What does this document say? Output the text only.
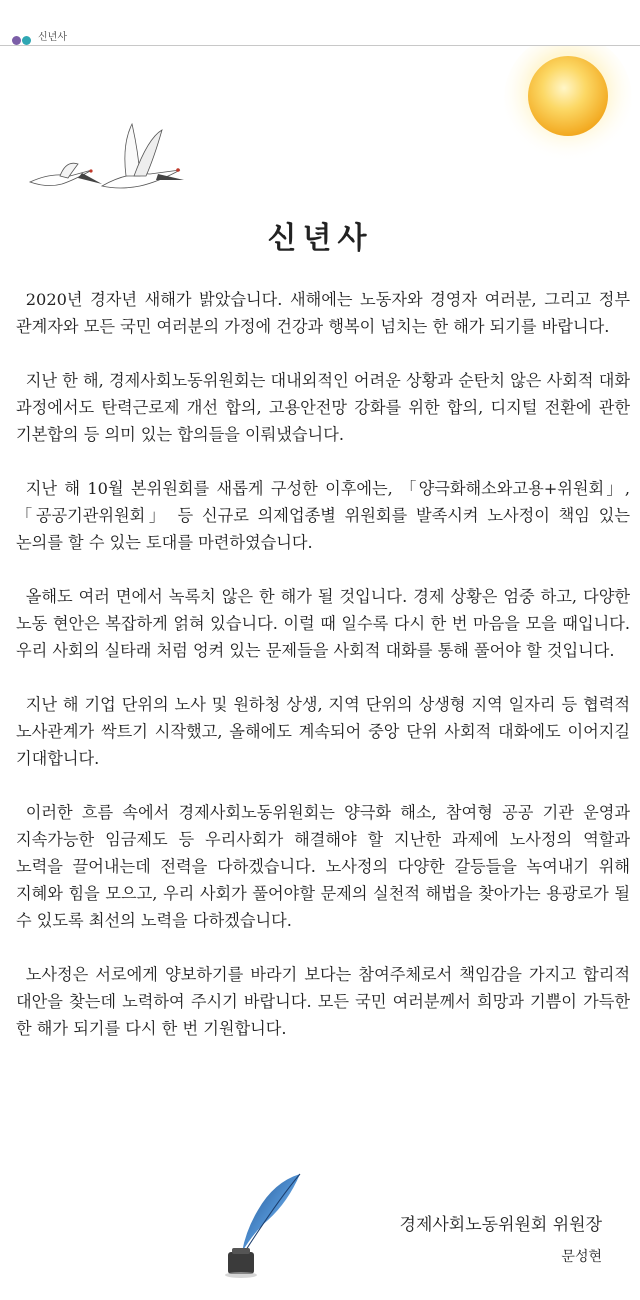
신년사
신년사

2020년 경자년 새해가 밝았습니다. 새해에는 노동자와 경영자 여러분, 그리고 정부 관계자와 모든 국민 여러분의 가정에 건강과 행복이 넘치는 한 해가 되기를 바랍니다.

지난 한 해, 경제사회노동위원회는 대내외적인 어려운 상황과 순탄치 않은 사회적 대화 과정에서도 탄력근로제 개선 합의, 고용안전망 강화를 위한 합의, 디지털 전환에 관한 기본합의 등 의미 있는 합의들을 이뤄냈습니다.

지난 해 10월 본위원회를 새롭게 구성한 이후에는, 「양극화해소와고용+위원회」,「공공기관위원회」 등 신규로 의제업종별 위원회를 발족시켜 노사정이 책임 있는 논의를 할 수 있는 토대를 마련하였습니다.

올해도 여러 면에서 녹록치 않은 한 해가 될 것입니다. 경제 상황은 엄중 하고, 다양한 노동 현안은 복잡하게 얽혀 있습니다. 이럴 때 일수록 다시 한 번 마음을 모을 때입니다. 우리 사회의 실타래 처럼 엉켜 있는 문제들을 사회적 대화를 통해 풀어야 할 것입니다.

지난 해 기업 단위의 노사 및 원하청 상생, 지역 단위의 상생형 지역 일자리 등 협력적 노사관계가 싹트기 시작했고, 올해에도 계속되어 중앙 단위 사회적 대화에도 이어지길 기대합니다.

이러한 흐름 속에서 경제사회노동위원회는 양극화 해소, 참여형 공공 기관 운영과 지속가능한 임금제도 등 우리사회가 해결해야 할 지난한 과제에 노사정의 역할과 노력을 끌어내는데 전력을 다하겠습니다. 노사정의 다양한 갈등들을 녹여내기 위해 지혜와 힘을 모으고, 우리 사회가 풀어야할 문제의 실천적 해법을 찾아가는 용광로가 될 수 있도록 최선의 노력을 다하겠습니다.

노사정은 서로에게 양보하기를 바라기 보다는 참여주체로서 책임감을 가지고 합리적 대안을 찾는데 노력하여 주시기 바랍니다. 모든 국민 여러분께서 희망과 기쁨이 가득한 한 해가 되기를 다시 한 번 기원합니다.

경제사회노동위원회 위원장
문성현
